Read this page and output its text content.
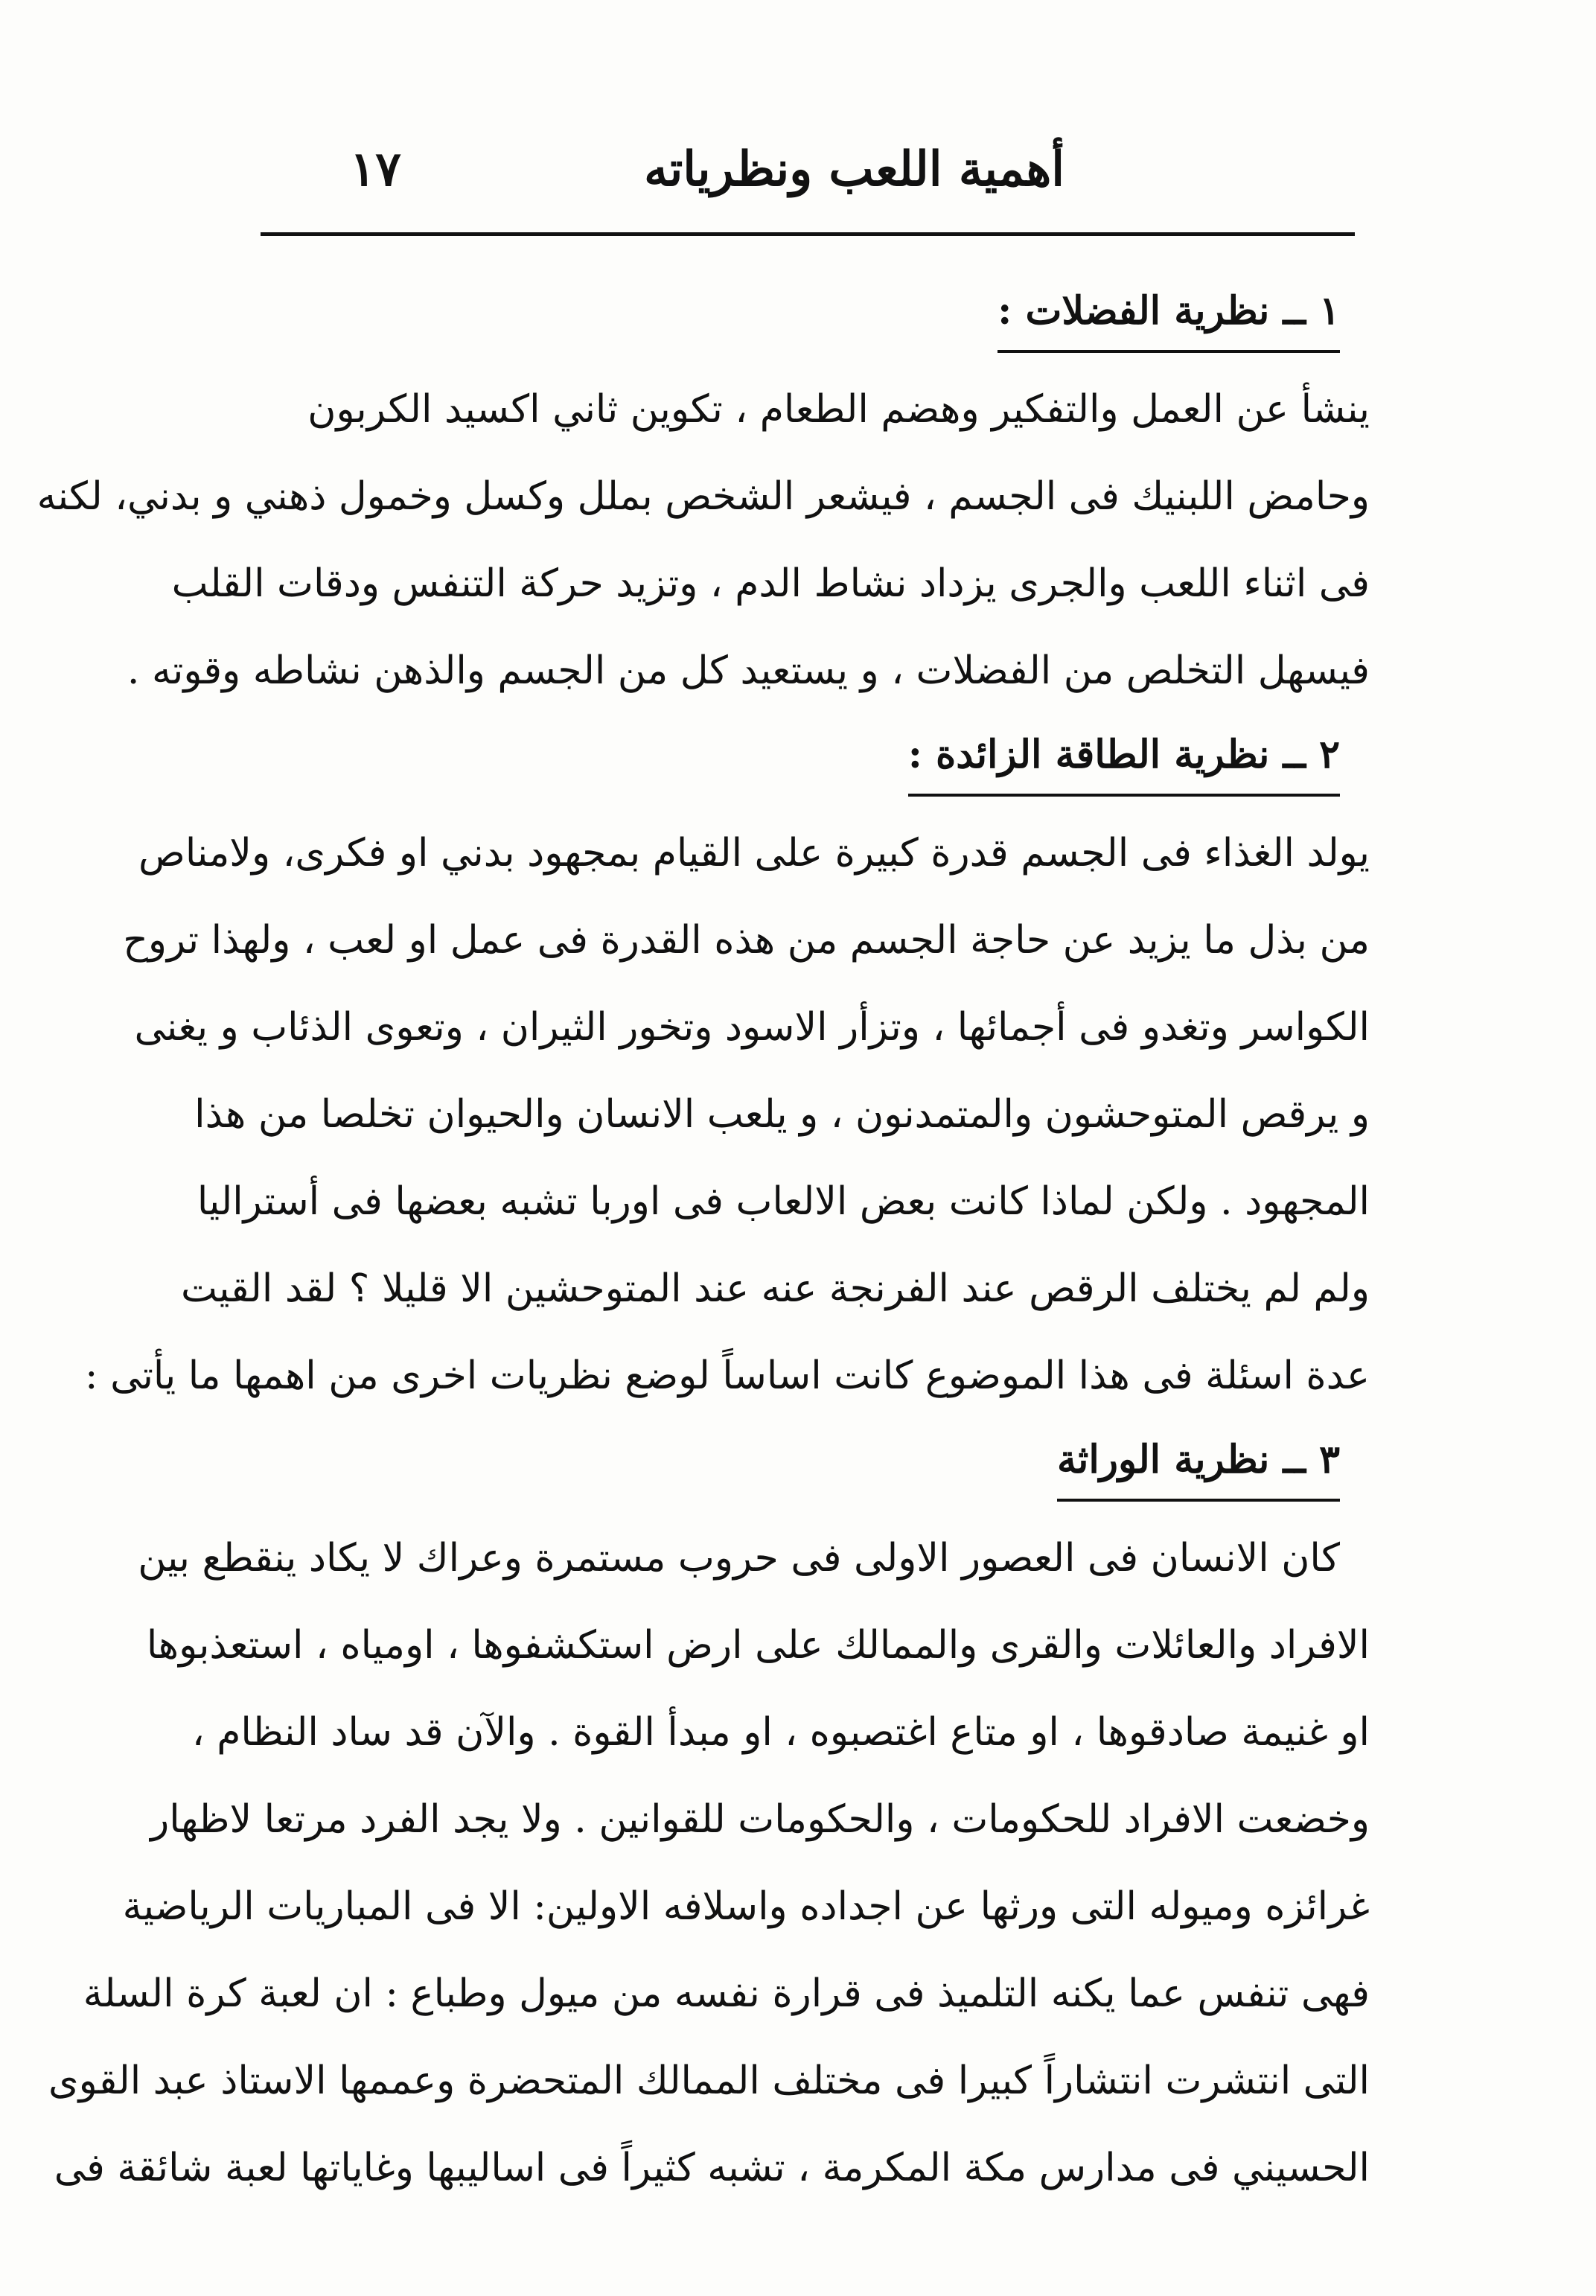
أهمية اللعب ونظرياته
١٧
١ ــ نظرية الفضلات :
ينشأ عن العمل والتفكير وهضم الطعام ، تكوين ثاني اكسيد الكربون
وحامض اللبنيك فى الجسم ، فيشعر الشخص بملل وكسل وخمول ذهني و بدني، لكنه
فى اثناء اللعب والجرى يزداد نشاط الدم ، وتزيد حركة التنفس ودقات القلب
فيسهل التخلص من الفضلات ، و يستعيد كل من الجسم والذهن نشاطه وقوته .
٢ ــ نظرية الطاقة الزائدة :
يولد الغذاء فى الجسم قدرة كبيرة على القيام بمجهود بدني او فكرى، ولامناص
من بذل ما يزيد عن حاجة الجسم من هذه القدرة فى عمل او لعب ، ولهذا تروح
الكواسر وتغدو فى أجمائها ، وتزأر الاسود وتخور الثيران ، وتعوى الذئاب و يغنى
و يرقص المتوحشون والمتمدنون ، و يلعب الانسان والحيوان تخلصا من هذا
المجهود . ولكن لماذا كانت بعض الالعاب فى اوربا تشبه بعضها فى أستراليا
ولم لم يختلف الرقص عند الفرنجة عنه عند المتوحشين الا قليلا ؟ لقد القيت
عدة اسئلة فى هذا الموضوع كانت اساساً لوضع نظريات اخرى من اهمها ما يأتى :
٣ ــ نظرية الوراثة
كان الانسان فى العصور الاولى فى حروب مستمرة وعراك لا يكاد ينقطع بين
الافراد والعائلات والقرى والممالك على ارض استكشفوها ، اومياه ، استعذبوها
او غنيمة صادقوها ، او متاع اغتصبوه ، او مبدأ القوة . والآن قد ساد النظام ،
وخضعت الافراد للحكومات ، والحكومات للقوانين . ولا يجد الفرد مرتعا لاظهار
غرائزه وميوله التى ورثها عن اجداده واسلافه الاولين: الا فى المباريات الرياضية
فهى تنفس عما يكنه التلميذ فى قرارة نفسه من ميول وطباع : ان لعبة كرة السلة
التى انتشرت انتشاراً كبيرا فى مختلف الممالك المتحضرة وعممها الاستاذ عبد القوى
الحسيني فى مدارس مكة المكرمة ، تشبه كثيراً فى اساليبها وغاياتها لعبة شائقة فى
